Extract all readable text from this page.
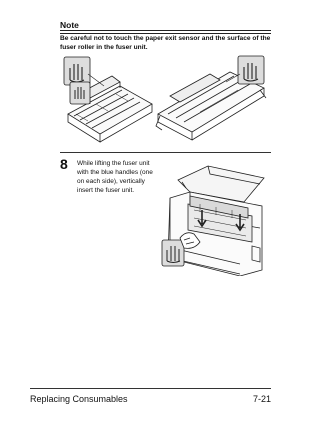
Note
Be careful not to touch the paper exit sensor and the surface of the fuser roller in the fuser unit.
8 While lifting the fuser unit with the blue handles (one on each side), vertically insert the fuser unit.
Replacing Consumables	7-21
